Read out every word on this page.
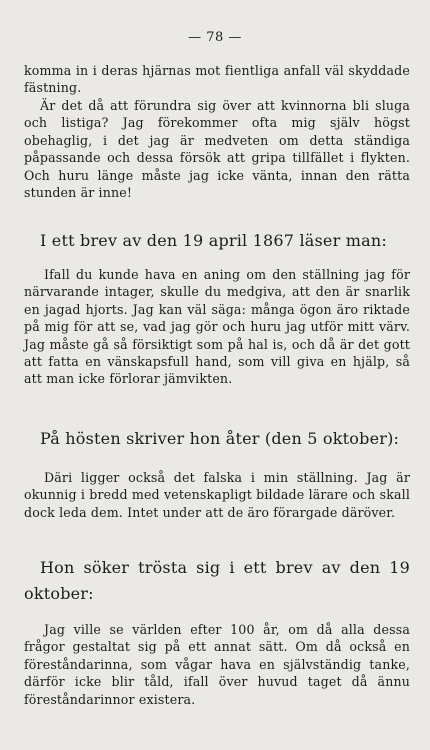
— 78 —

komma in i deras hjärnas mot fientliga anfall väl skyddade fästning.

Är det då att förundra sig över att kvinnorna bli sluga och listiga? Jag förekommer ofta mig själv högst obehaglig, i det jag är medveten om detta ständiga påpassande och dessa försök att gripa tillfället i flykten. Och huru länge måste jag icke vänta, innan den rätta stunden är inne!

I ett brev av den 19 april 1867 läser man:

Ifall du kunde hava en aning om den ställning jag för närvarande intager, skulle du medgiva, att den är snarlik en jagad hjorts. Jag kan väl säga: många ögon äro riktade på mig för att se, vad jag gör och huru jag utför mitt värv. Jag måste gå så försiktigt som på hal is, och då är det gott att fatta en vänskapsfull hand, som vill giva en hjälp, så att man icke förlorar jämvikten.

På hösten skriver hon åter (den 5 oktober):

Däri ligger också det falska i min ställning. Jag är okunnig i bredd med vetenskapligt bildade lärare och skall dock leda dem. Intet under att de äro förargade däröver.

Hon söker trösta sig i ett brev av den 19 oktober:

Jag ville se världen efter 100 år, om då alla dessa frågor gestaltat sig på ett annat sätt. Om då också en föreståndarinna, som vågar hava en självständig tanke, därför icke blir tåld, ifall över huvud taget då ännu föreståndarinnor existera.
